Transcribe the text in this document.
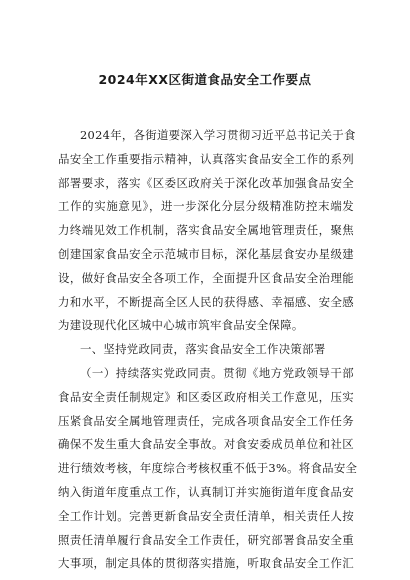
2024年XX区街道食品安全工作要点
2024年，各街道要深入学习贯彻习近平总书记关于食
品安全工作重要指示精神，认真落实食品安全工作的系列
部署要求，落实《区委区政府关于深化改革加强食品安全
工作的实施意见》，进一步深化分层分级精准防控末端发
力终端见效工作机制，落实食品安全属地管理责任，聚焦
创建国家食品安全示范城市目标，深化基层食安办星级建
设，做好食品安全各项工作，全面提升区食品安全治理能
力和水平，不断提高全区人民的获得感、幸福感、安全感
为建设现代化区城中心城市筑牢食品安全保障。
一、坚持党政同责，落实食品安全工作决策部署
（一）持续落实党政同责。贯彻《地方党政领导干部
食品安全责任制规定》和区委区政府相关工作意见，压实
压紧食品安全属地管理责任，完成各项食品安全工作任务
确保不发生重大食品安全事故。对食安委成员单位和社区
进行绩效考核，年度综合考核权重不低于3%。将食品安全
纳入街道年度重点工作，认真制订并实施街道年度食品安
全工作计划。完善更新食品安全责任清单，相关责任人按
照责任清单履行食品安全工作责任，研究部署食品安全重
大事项，制定具体的贯彻落实措施，听取食品安全工作汇
